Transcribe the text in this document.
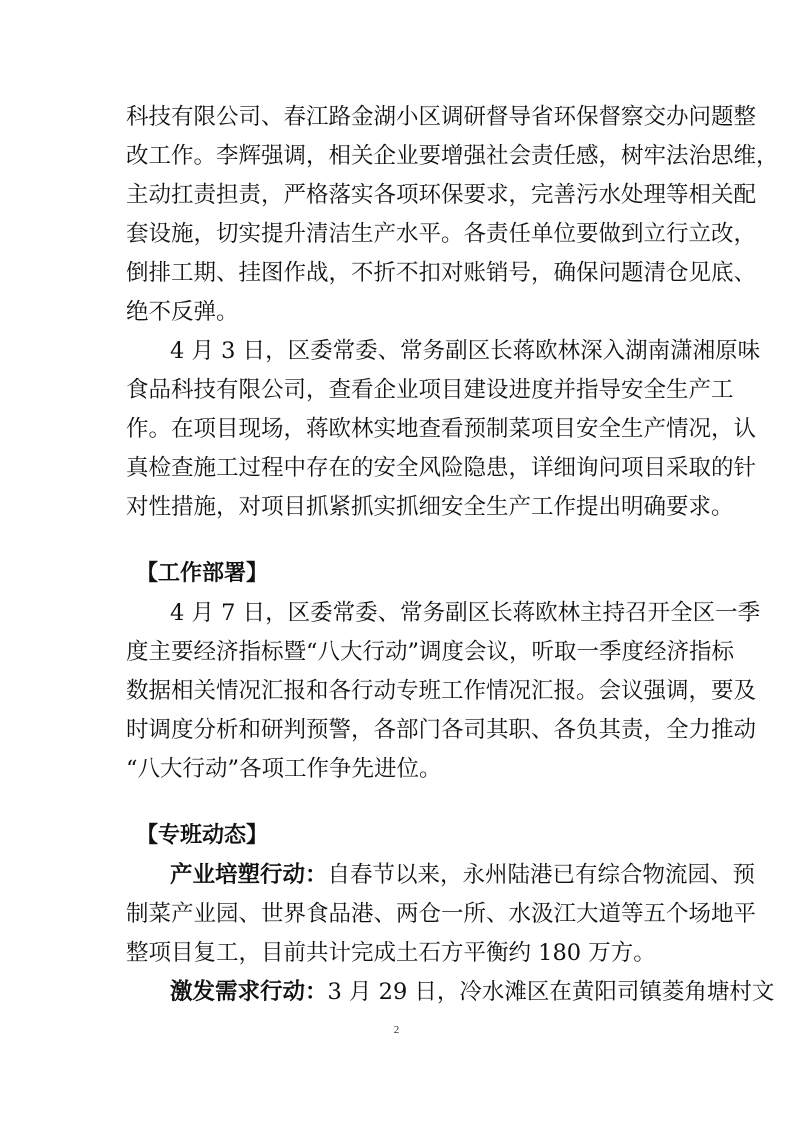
科技有限公司、春江路金湖小区调研督导省环保督察交办问题整
改工作。李辉强调，相关企业要增强社会责任感，树牢法治思维，
主动扛责担责，严格落实各项环保要求，完善污水处理等相关配
套设施，切实提升清洁生产水平。各责任单位要做到立行立改，
倒排工期、挂图作战，不折不扣对账销号，确保问题清仓见底、
绝不反弹。
4 月 3 日，区委常委、常务副区长蒋欧林深入湖南潇湘原味
食品科技有限公司，查看企业项目建设进度并指导安全生产工
作。在项目现场，蒋欧林实地查看预制菜项目安全生产情况，认
真检查施工过程中存在的安全风险隐患，详细询问项目采取的针
对性措施，对项目抓紧抓实抓细安全生产工作提出明确要求。
【工作部署】
4 月 7 日，区委常委、常务副区长蒋欧林主持召开全区一季
度主要经济指标暨“八大行动”调度会议，听取一季度经济指标
数据相关情况汇报和各行动专班工作情况汇报。会议强调，要及
时调度分析和研判预警，各部门各司其职、各负其责，全力推动
“八大行动”各项工作争先进位。
【专班动态】
产业培塑行动：自春节以来，永州陆港已有综合物流园、预
制菜产业园、世界食品港、两仓一所、水汲江大道等五个场地平
整项目复工，目前共计完成土石方平衡约 180 万方。
激发需求行动：3 月 29 日，冷水滩区在黄阳司镇菱角塘村文
2
